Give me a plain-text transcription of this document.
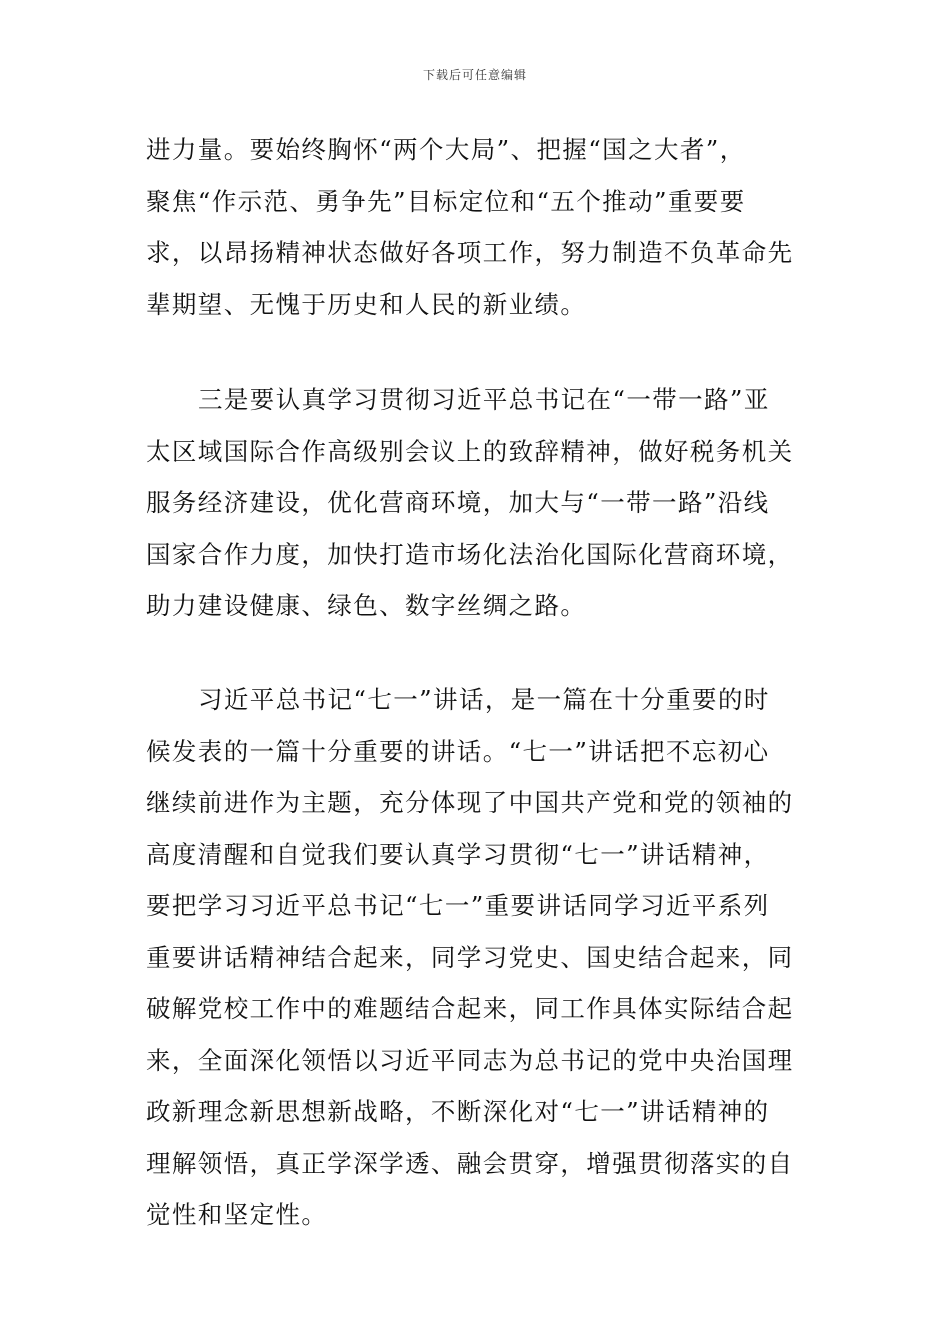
下载后可任意编辑
进力量。要始终胸怀“两个大局”、把握“国之大者”，
聚焦“作示范、勇争先”目标定位和“五个推动”重要要
求，以昂扬精神状态做好各项工作，努力制造不负革命先
辈期望、无愧于历史和人民的新业绩。
三是要认真学习贯彻习近平总书记在“一带一路”亚
太区域国际合作高级别会议上的致辞精神，做好税务机关
服务经济建设，优化营商环境，加大与“一带一路”沿线
国家合作力度，加快打造市场化法治化国际化营商环境，
助力建设健康、绿色、数字丝绸之路。
习近平总书记“七一”讲话，是一篇在十分重要的时
候发表的一篇十分重要的讲话。“七一”讲话把不忘初心
继续前进作为主题，充分体现了中国共产党和党的领袖的
高度清醒和自觉我们要认真学习贯彻“七一”讲话精神，
要把学习习近平总书记“七一”重要讲话同学习近平系列
重要讲话精神结合起来，同学习党史、国史结合起来，同
破解党校工作中的难题结合起来，同工作具体实际结合起
来，全面深化领悟以习近平同志为总书记的党中央治国理
政新理念新思想新战略，不断深化对“七一”讲话精神的
理解领悟，真正学深学透、融会贯穿，增强贯彻落实的自
觉性和坚定性。
